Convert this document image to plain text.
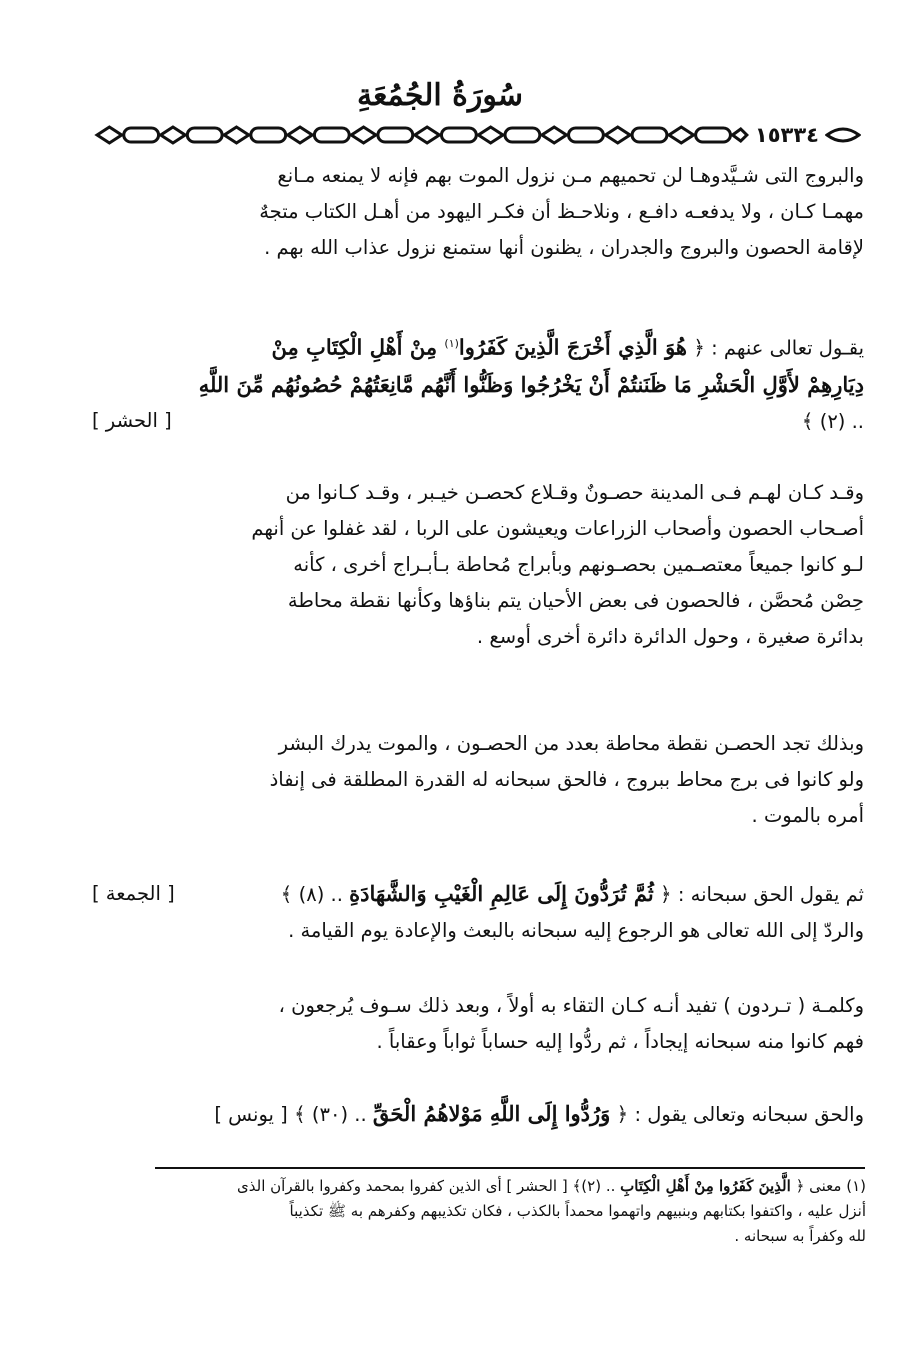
سُورَةُ الجُمُعَةِ
١٥٣٣٤
والبروج التى شـيَّدوهـا لن تحميهم مـن نزول الموت بهم فإنه لا يمنعه مـانع
مهمـا كـان ، ولا يدفعـه دافـع ، ونلاحـظ أن فكـر اليهود من أهـل الكتاب متجهٌ
لإقامة الحصون والبروج والجدران ، يظنون أنها ستمنع نزول عذاب الله بهم .
يقـول تعالى عنهم : ﴿ هُوَ الَّذِي أَخْرَجَ الَّذِينَ كَفَرُوا$^{(١)}$ مِنْ أَهْلِ الْكِتَابِ مِنْ
دِيَارِهِمْ لأَوَّلِ الْحَشْرِ مَا ظَنَنتُمْ أَنْ يَخْرُجُوا وَظَنُّوا أَنَّهُم مَّانِعَتُهُمْ حُصُونُهُم مِّنَ اللَّهِ
.. (٢) ﴾
[ الحشر ]
وقـد كـان لهـم فـى المدينة حصـونٌ وقـلاع كحصـن خيـبر ، وقـد كـانوا من
أصـحاب الحصون وأصحاب الزراعات ويعيشون على الربا ، لقد غفلوا عن أنهم
لـو كانوا جميعاً معتصـمين بحصـونهم وبأبراج مُحاطة بـأبـراج أخرى ، كأنه
حِصْن مُحصَّن ، فالحصون فى بعض الأحيان يتم بناؤها وكأنها نقطة محاطة
بدائرة صغيرة ، وحول الدائرة دائرة أخرى أوسع .
وبذلك تجد الحصـن نقطة محاطة بعدد من الحصـون ، والموت يدرك البشر
ولو كانوا فى برج محاط ببروج ، فالحق سبحانه له القدرة المطلقة فى إنفاذ
أمره بالموت .
ثم يقول الحق سبحانه : ﴿ ثُمَّ تُرَدُّونَ إِلَى عَالِمِ الْغَيْبِ وَالشَّهَادَةِ .. (٨) ﴾
[ الجمعة ]
والردّ إلى الله تعالى هو الرجوع إليه سبحانه بالبعث والإعادة يوم القيامة .
وكلمـة ( تـردون ) تفيد أنـه كـان التقاء به أولاً ، وبعد ذلك سـوف يُرجعون ،
فهم كانوا منه سبحانه إيجاداً ، ثم ردُّوا إليه حساباً ثواباً وعقاباً .
والحق سبحانه وتعالى يقول : ﴿ وَرُدُّوا إِلَى اللَّهِ مَوْلاهُمُ الْحَقِّ .. (٣٠) ﴾ [ يونس ]
(١) معنى ﴿ الَّذِينَ كَفَرُوا مِنْ أَهْلِ الْكِتَابِ .. (٢)﴾ [ الحشر ] أى الذين كفروا بمحمد وكفروا بالقرآن الذى
أنزل عليه ، واكتفوا بكتابهم وبنبيهم واتهموا محمداً بالكذب ، فكان تكذيبهم وكفرهم به ﷺ تكذيباً
لله وكفراً به سبحانه .
